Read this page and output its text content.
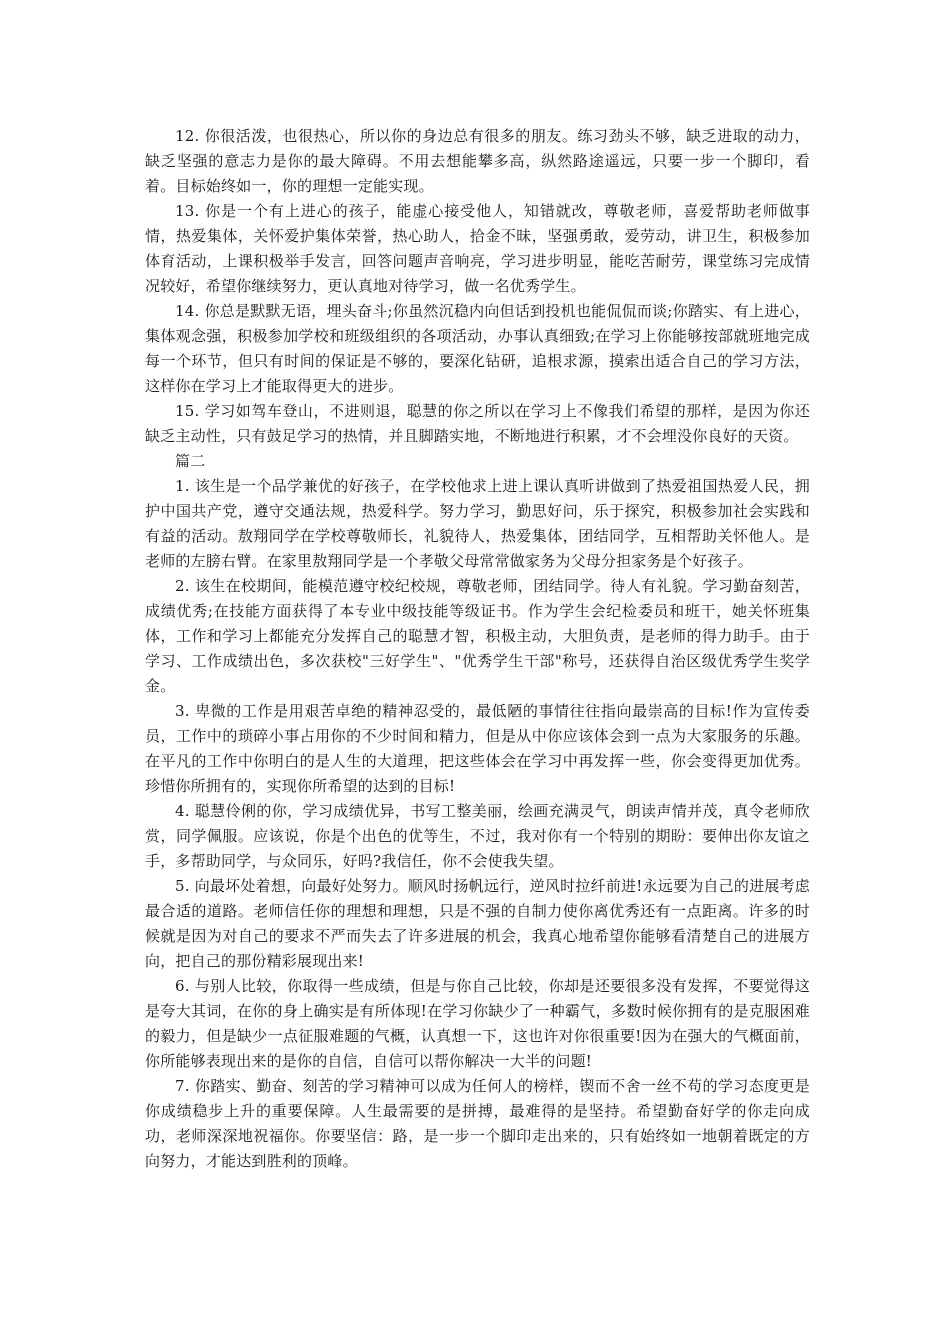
12. 你很活泼，也很热心，所以你的身边总有很多的朋友。练习劲头不够，缺乏进取的动力，缺乏坚强的意志力是你的最大障碍。不用去想能攀多高，纵然路途遥远，只要一步一个脚印，看着。目标始终如一，你的理想一定能实现。

13. 你是一个有上进心的孩子，能虚心接受他人，知错就改，尊敬老师，喜爱帮助老师做事情，热爱集体，关怀爱护集体荣誉，热心助人，拾金不昧，坚强勇敢，爱劳动，讲卫生，积极参加体育活动，上课积极举手发言，回答问题声音响亮，学习进步明显，能吃苦耐劳，课堂练习完成情况较好，希望你继续努力，更认真地对待学习，做一名优秀学生。

14. 你总是默默无语，埋头奋斗;你虽然沉稳内向但话到投机也能侃侃而谈;你踏实、有上进心，集体观念强，积极参加学校和班级组织的各项活动，办事认真细致;在学习上你能够按部就班地完成每一个环节，但只有时间的保证是不够的，要深化钻研，追根求源，摸索出适合自己的学习方法，这样你在学习上才能取得更大的进步。

15. 学习如驾车登山，不进则退，聪慧的你之所以在学习上不像我们希望的那样，是因为你还缺乏主动性，只有鼓足学习的热情，并且脚踏实地，不断地进行积累，才不会埋没你良好的天资。

篇二

1. 该生是一个品学兼优的好孩子，在学校他求上进上课认真听讲做到了热爱祖国热爱人民，拥护中国共产党，遵守交通法规，热爱科学。努力学习，勤思好问，乐于探究，积极参加社会实践和有益的活动。敖翔同学在学校尊敬师长，礼貌待人，热爱集体，团结同学，互相帮助关怀他人。是老师的左膀右臂。在家里敖翔同学是一个孝敬父母常常做家务为父母分担家务是个好孩子。

2. 该生在校期间，能模范遵守校纪校规，尊敬老师，团结同学。待人有礼貌。学习勤奋刻苦，成绩优秀;在技能方面获得了本专业中级技能等级证书。作为学生会纪检委员和班干，她关怀班集体，工作和学习上都能充分发挥自己的聪慧才智，积极主动，大胆负责，是老师的得力助手。由于学习、工作成绩出色，多次获校"三好学生"、"优秀学生干部"称号，还获得自治区级优秀学生奖学金。

3. 卑微的工作是用艰苦卓绝的精神忍受的，最低陋的事情往往指向最崇高的目标!作为宣传委员，工作中的琐碎小事占用你的不少时间和精力，但是从中你应该体会到一点为大家服务的乐趣。在平凡的工作中你明白的是人生的大道理，把这些体会在学习中再发挥一些，你会变得更加优秀。珍惜你所拥有的，实现你所希望的达到的目标!

4. 聪慧伶俐的你，学习成绩优异，书写工整美丽，绘画充满灵气，朗读声情并茂，真令老师欣赏，同学佩服。应该说，你是个出色的优等生，不过，我对你有一个特别的期盼：要伸出你友谊之手，多帮助同学，与众同乐，好吗?我信任，你不会使我失望。

5. 向最坏处着想，向最好处努力。顺风时扬帆远行，逆风时拉纤前进!永远要为自己的进展考虑最合适的道路。老师信任你的理想和理想，只是不强的自制力使你离优秀还有一点距离。许多的时候就是因为对自己的要求不严而失去了许多进展的机会，我真心地希望你能够看清楚自己的进展方向，把自己的那份精彩展现出来!

6. 与别人比较，你取得一些成绩，但是与你自己比较，你却是还要很多没有发挥，不要觉得这是夸大其词，在你的身上确实是有所体现!在学习你缺少了一种霸气，多数时候你拥有的是克服困难的毅力，但是缺少一点征服难题的气概，认真想一下，这也许对你很重要!因为在强大的气概面前，你所能够表现出来的是你的自信，自信可以帮你解决一大半的问题!

7. 你踏实、勤奋、刻苦的学习精神可以成为任何人的榜样，锲而不舍一丝不苟的学习态度更是你成绩稳步上升的重要保障。人生最需要的是拼搏，最难得的是坚持。希望勤奋好学的你走向成功，老师深深地祝福你。你要坚信：路，是一步一个脚印走出来的，只有始终如一地朝着既定的方向努力，才能达到胜利的顶峰。
